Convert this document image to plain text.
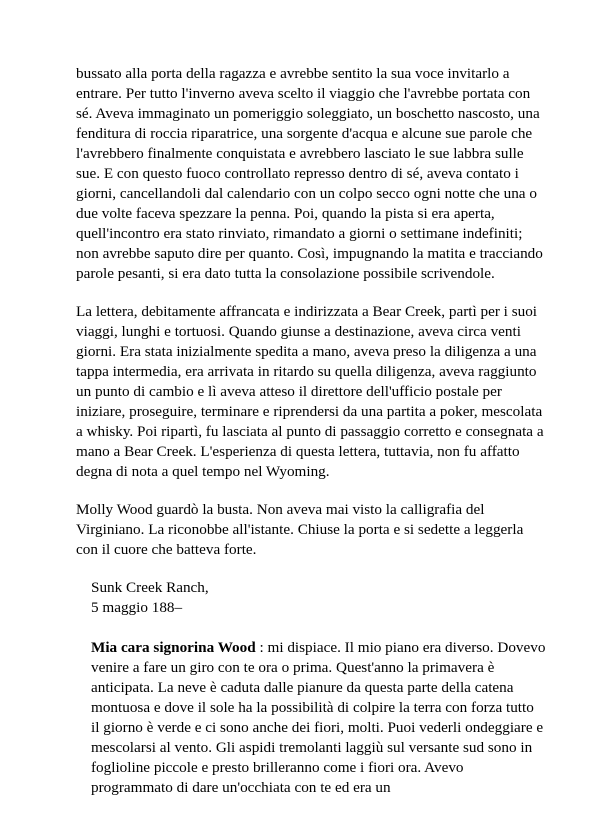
bussato alla porta della ragazza e avrebbe sentito la sua voce invitarlo a entrare. Per tutto l'inverno aveva scelto il viaggio che l'avrebbe portata con sé. Aveva immaginato un pomeriggio soleggiato, un boschetto nascosto, una fenditura di roccia riparatrice, una sorgente d'acqua e alcune sue parole che l'avrebbero finalmente conquistata e avrebbero lasciato le sue labbra sulle sue. E con questo fuoco controllato represso dentro di sé, aveva contato i giorni, cancellandoli dal calendario con un colpo secco ogni notte che una o due volte faceva spezzare la penna. Poi, quando la pista si era aperta, quell'incontro era stato rinviato, rimandato a giorni o settimane indefiniti; non avrebbe saputo dire per quanto. Così, impugnando la matita e tracciando parole pesanti, si era dato tutta la consolazione possibile scrivendole.

La lettera, debitamente affrancata e indirizzata a Bear Creek, partì per i suoi viaggi, lunghi e tortuosi. Quando giunse a destinazione, aveva circa venti giorni. Era stata inizialmente spedita a mano, aveva preso la diligenza a una tappa intermedia, era arrivata in ritardo su quella diligenza, aveva raggiunto un punto di cambio e lì aveva atteso il direttore dell'ufficio postale per iniziare, proseguire, terminare e riprendersi da una partita a poker, mescolata a whisky. Poi ripartì, fu lasciata al punto di passaggio corretto e consegnata a mano a Bear Creek. L'esperienza di questa lettera, tuttavia, non fu affatto degna di nota a quel tempo nel Wyoming.

Molly Wood guardò la busta. Non aveva mai visto la calligrafia del Virginiano. La riconobbe all'istante. Chiuse la porta e si sedette a leggerla con il cuore che batteva forte.

Sunk Creek Ranch,
5 maggio 188–

Mia cara signorina Wood : mi dispiace. Il mio piano era diverso. Dovevo venire a fare un giro con te ora o prima. Quest'anno la primavera è anticipata. La neve è caduta dalle pianure da questa parte della catena montuosa e dove il sole ha la possibilità di colpire la terra con forza tutto il giorno è verde e ci sono anche dei fiori, molti. Puoi vederli ondeggiare e mescolarsi al vento. Gli aspidi tremolanti laggiù sul versante sud sono in foglioline piccole e presto brilleranno come i fiori ora. Avevo programmato di dare un'occhiata con te ed era un
